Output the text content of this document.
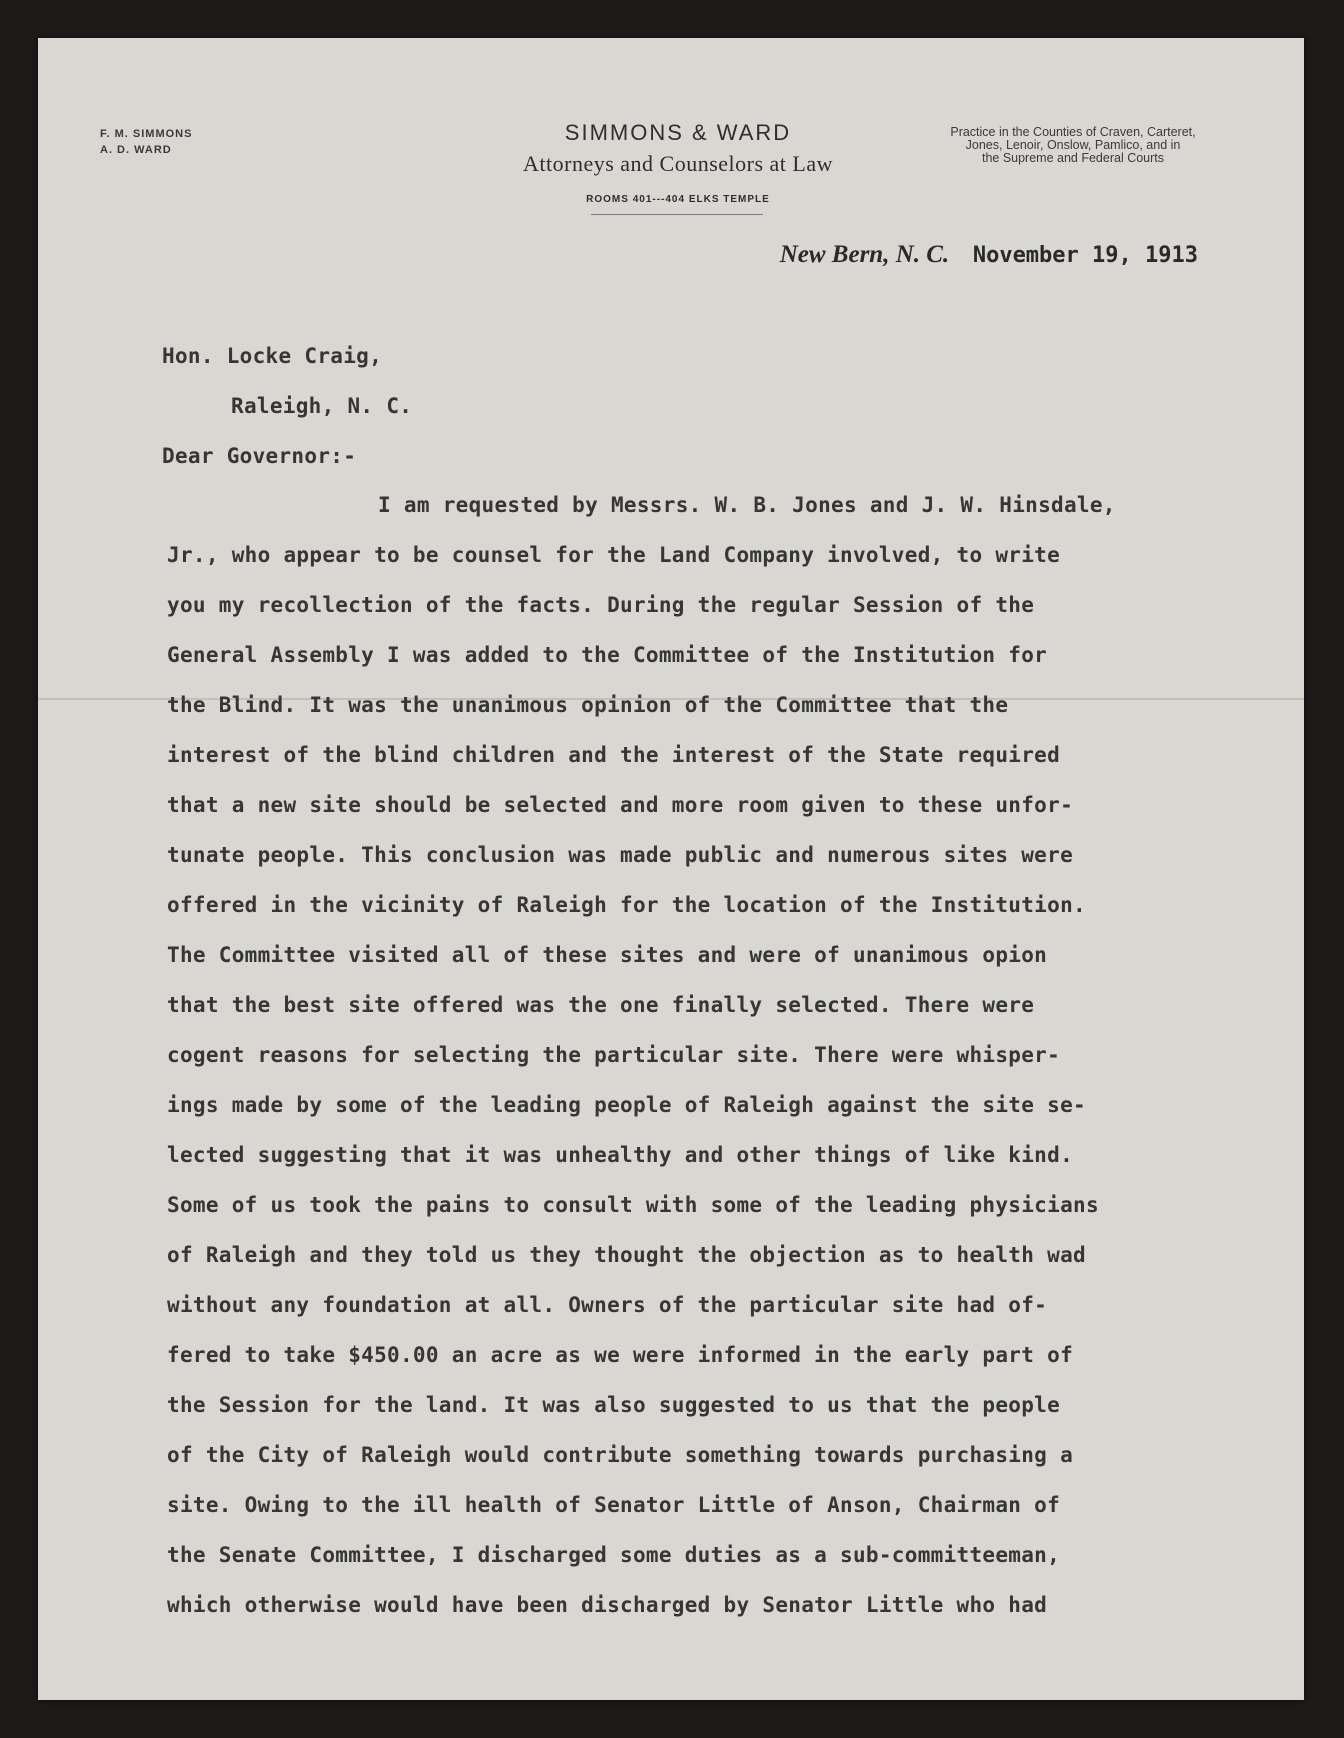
F. M. SIMMONS
A. D. WARD
SIMMONS & WARD
Attorneys and Counselors at Law
ROOMS 401---404 ELKS TEMPLE
Practice in the Counties of Craven, Carteret,
Jones, Lenoir, Onslow, Pamlico, and in
the Supreme and Federal Courts
New Bern, N. C. November 19, 1913
Hon. Locke Craig,
Raleigh, N. C.
Dear Governor:-
I am requested by Messrs. W. B. Jones and J. W. Hinsdale,
Jr., who appear to be counsel for the Land Company involved, to write
you my recollection of the facts. During the regular Session of the
General Assembly I was added to the Committee of the Institution for
the Blind. It was the unanimous opinion of the Committee that the
interest of the blind children and the interest of the State required
that a new site should be selected and more room given to these unfor-
tunate people. This conclusion was made public and numerous sites were
offered in the vicinity of Raleigh for the location of the Institution.
The Committee visited all of these sites and were of unanimous opion
that the best site offered was the one finally selected. There were
cogent reasons for selecting the particular site. There were whisper-
ings made by some of the leading people of Raleigh against the site se-
lected suggesting that it was unhealthy and other things of like kind.
Some of us took the pains to consult with some of the leading physicians
of Raleigh and they told us they thought the objection as to health wad
without any foundation at all. Owners of the particular site had of-
fered to take $450.00 an acre as we were informed in the early part of
the Session for the land. It was also suggested to us that the people
of the City of Raleigh would contribute something towards purchasing a
site. Owing to the ill health of Senator Little of Anson, Chairman of
the Senate Committee, I discharged some duties as a sub-committeeman,
which otherwise would have been discharged by Senator Little who had
